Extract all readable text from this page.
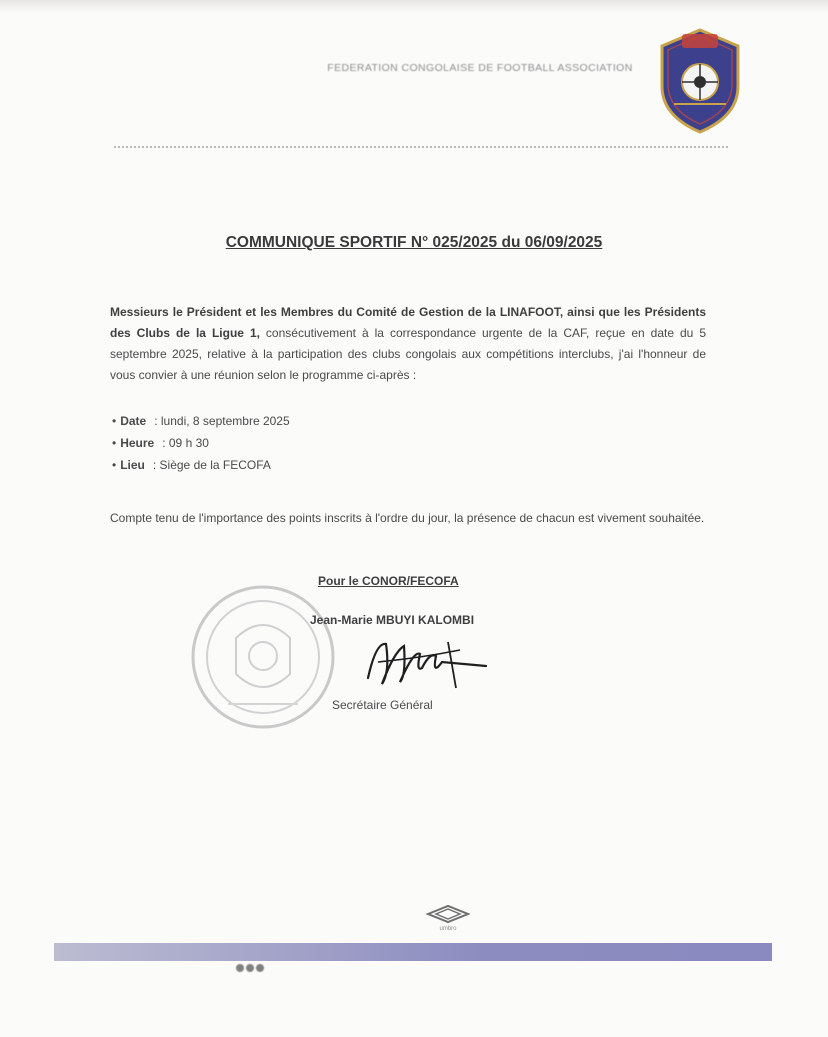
FEDERATION CONGOLAISE DE FOOTBALL ASSOCIATION
COMMUNIQUE SPORTIF N° 025/2025 du 06/09/2025

Messieurs le Président et les Membres du Comité de Gestion de la LINAFOOT, ainsi que les Présidents des Clubs de la Ligue 1, consécutivement à la correspondance urgente de la CAF, reçue en date du 5 septembre 2025, relative à la participation des clubs congolais aux compétitions interclubs, j'ai l'honneur de vous convier à une réunion selon le programme ci-après :

• Date : lundi, 8 septembre 2025
• Heure : 09 h 30
• Lieu : Siège de la FECOFA

Compte tenu de l'importance des points inscrits à l'ordre du jour, la présence de chacun est vivement souhaitée.

Pour le CONOR/FECOFA
Jean-Marie MBUYI KALOMBI
Secrétaire Général
umbro
